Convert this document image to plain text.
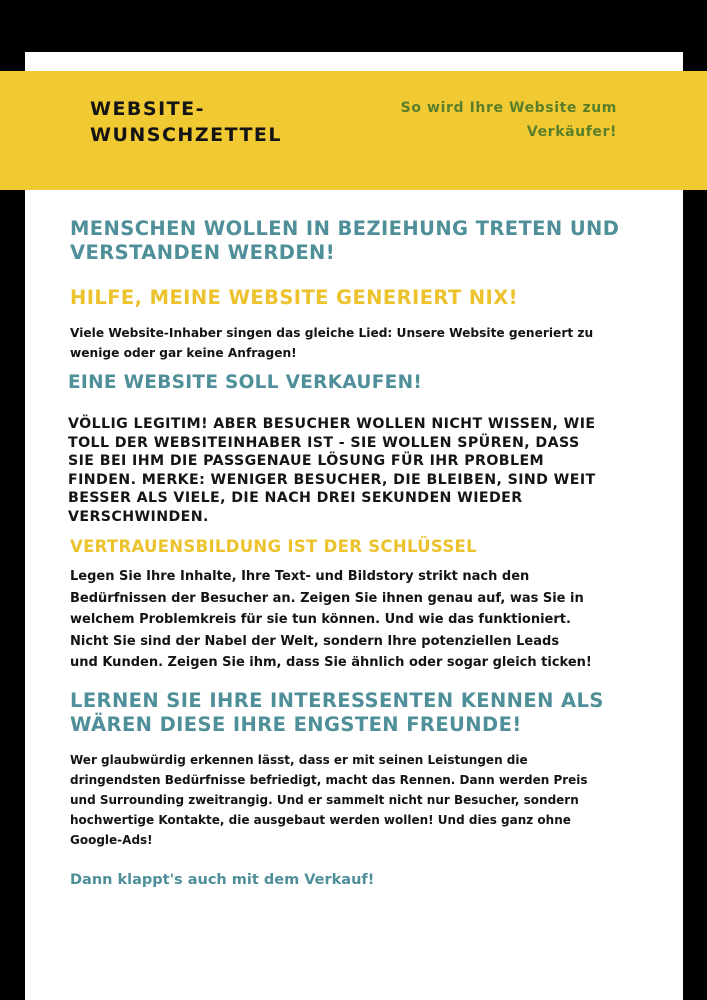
WEBSITE-
WUNSCHZETTEL
So wird Ihre Website zum
Verkäufer!
MENSCHEN WOLLEN IN BEZIEHUNG TRETEN UND
VERSTANDEN WERDEN!
HILFE, MEINE WEBSITE GENERIERT NIX!
Viele Website-Inhaber singen das gleiche Lied: Unsere Website generiert zu
wenige oder gar keine Anfragen!
EINE WEBSITE SOLL VERKAUFEN!
VÖLLIG LEGITIM! ABER BESUCHER WOLLEN NICHT WISSEN, WIE
TOLL DER WEBSITEINHABER IST - SIE WOLLEN SPÜREN, DASS
SIE BEI IHM DIE PASSGENAUE LÖSUNG FÜR IHR PROBLEM
FINDEN. MERKE: WENIGER BESUCHER, DIE BLEIBEN, SIND WEIT
BESSER ALS VIELE, DIE NACH DREI SEKUNDEN WIEDER
VERSCHWINDEN.
VERTRAUENSBILDUNG IST DER SCHLÜSSEL
Legen Sie Ihre Inhalte, Ihre Text- und Bildstory strikt nach den
Bedürfnissen der Besucher an. Zeigen Sie ihnen genau auf, was Sie in
welchem Problemkreis für sie tun können. Und wie das funktioniert.
Nicht Sie sind der Nabel der Welt, sondern Ihre potenziellen Leads
und Kunden. Zeigen Sie ihm, dass Sie ähnlich oder sogar gleich ticken!
LERNEN SIE IHRE INTERESSENTEN KENNEN ALS
WÄREN DIESE IHRE ENGSTEN FREUNDE!
Wer glaubwürdig erkennen lässt, dass er mit seinen Leistungen die
dringendsten Bedürfnisse befriedigt, macht das Rennen. Dann werden Preis
und Surrounding zweitrangig. Und er sammelt nicht nur Besucher, sondern
hochwertige Kontakte, die ausgebaut werden wollen! Und dies ganz ohne
Google-Ads!
Dann klappt's auch mit dem Verkauf!
